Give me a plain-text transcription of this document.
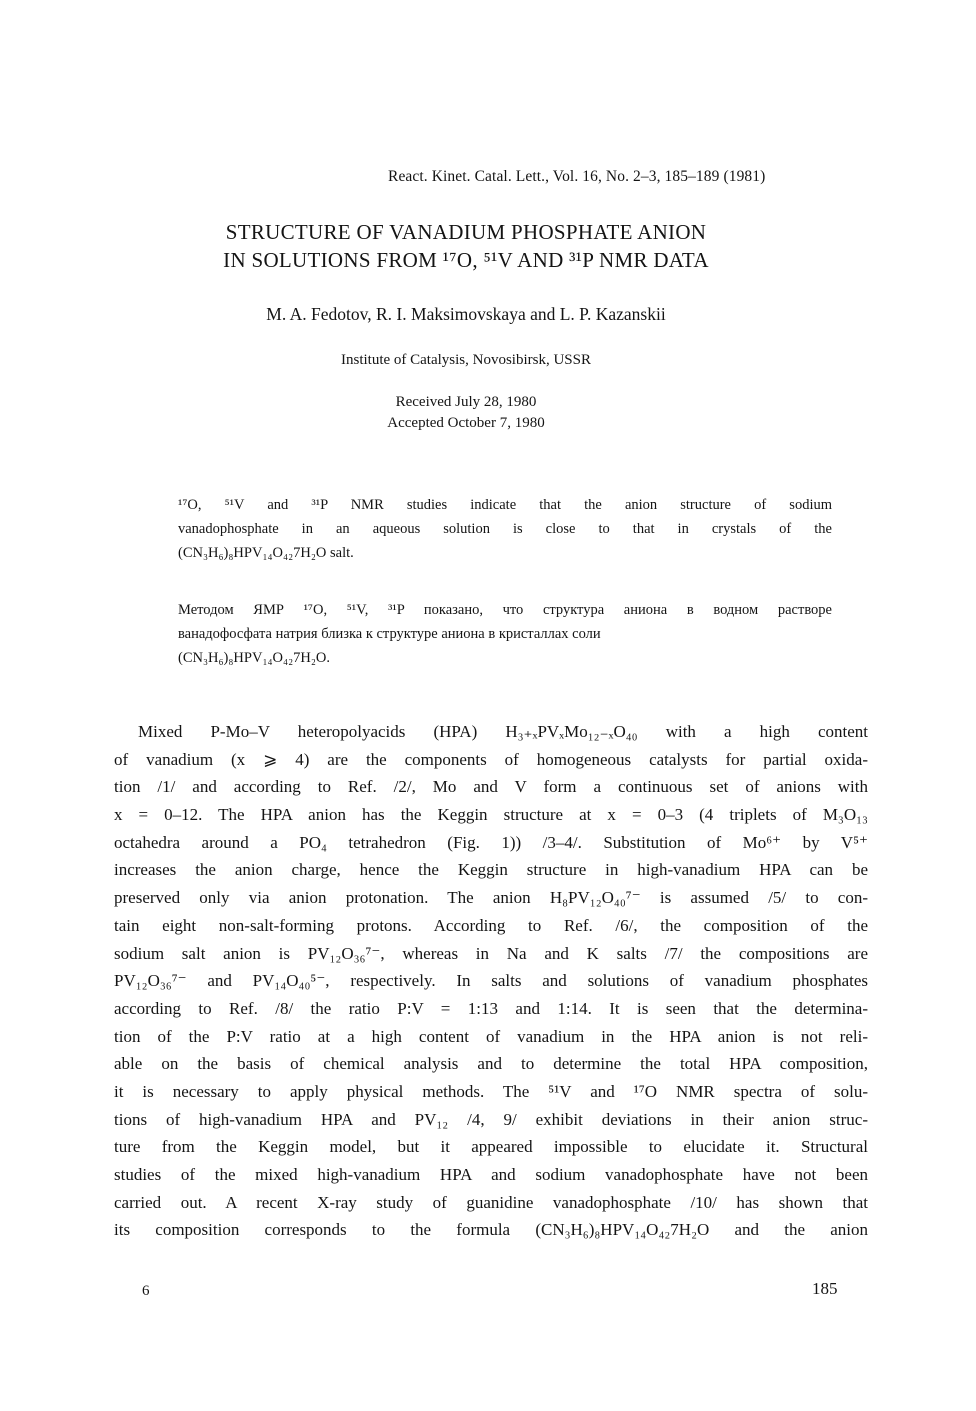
React. Kinet. Catal. Lett., Vol. 16, No. 2–3, 185–189 (1981)
STRUCTURE OF VANADIUM PHOSPHATE ANION
IN SOLUTIONS FROM ¹⁷O, ⁵¹V AND ³¹P NMR DATA
M. A. Fedotov, R. I. Maksimovskaya and L. P. Kazanskii
Institute of Catalysis, Novosibirsk, USSR
Received July 28, 1980
Accepted October 7, 1980
¹⁷O, ⁵¹V and ³¹P NMR studies indicate that the anion structure of sodium
vanadophosphate in an aqueous solution is close to that in crystals of the
(CN₃H₆)₈HPV₁₄O₄₂7H₂O salt.
Методом ЯМР ¹⁷O, ⁵¹V, ³¹P показано, что структура аниона в водном растворе
ванадофосфата натрия близка к структуре аниона в кристаллах соли
(CN₃H₆)₈HPV₁₄O₄₂7H₂O.
Mixed P-Mo–V heteropolyacids (HPA) H₃₊ₓPVₓMo₁₂₋ₓO₄₀ with a high content
of vanadium (x ⩾ 4) are the components of homogeneous catalysts for partial oxida-
tion /1/ and according to Ref. /2/, Mo and V form a continuous set of anions with
x = 0–12. The HPA anion has the Keggin structure at x = 0–3 (4 triplets of M₃O₁₃
octahedra around a PO₄ tetrahedron (Fig. 1)) /3–4/. Substitution of Mo⁶⁺ by V⁵⁺
increases the anion charge, hence the Keggin structure in high-vanadium HPA can be
preserved only via anion protonation. The anion H₈PV₁₂O₄₀⁷⁻ is assumed /5/ to con-
tain eight non-salt-forming protons. According to Ref. /6/, the composition of the
sodium salt anion is PV₁₂O₃₆⁷⁻, whereas in Na and K salts /7/ the compositions are
PV₁₂O₃₆⁷⁻ and PV₁₄O₄₀⁵⁻, respectively. In salts and solutions of vanadium phosphates
according to Ref. /8/ the ratio P:V = 1:13 and 1:14. It is seen that the determina-
tion of the P:V ratio at a high content of vanadium in the HPA anion is not reli-
able on the basis of chemical analysis and to determine the total HPA composition,
it is necessary to apply physical methods. The ⁵¹V and ¹⁷O NMR spectra of solu-
tions of high-vanadium HPA and PV₁₂ /4, 9/ exhibit deviations in their anion struc-
ture from the Keggin model, but it appeared impossible to elucidate it. Structural
studies of the mixed high-vanadium HPA and sodium vanadophosphate have not been
carried out. A recent X-ray study of guanidine vanadophosphate /10/ has shown that
its composition corresponds to the formula (CN₃H₆)₈HPV₁₄O₄₂7H₂O and the anion
6	185
